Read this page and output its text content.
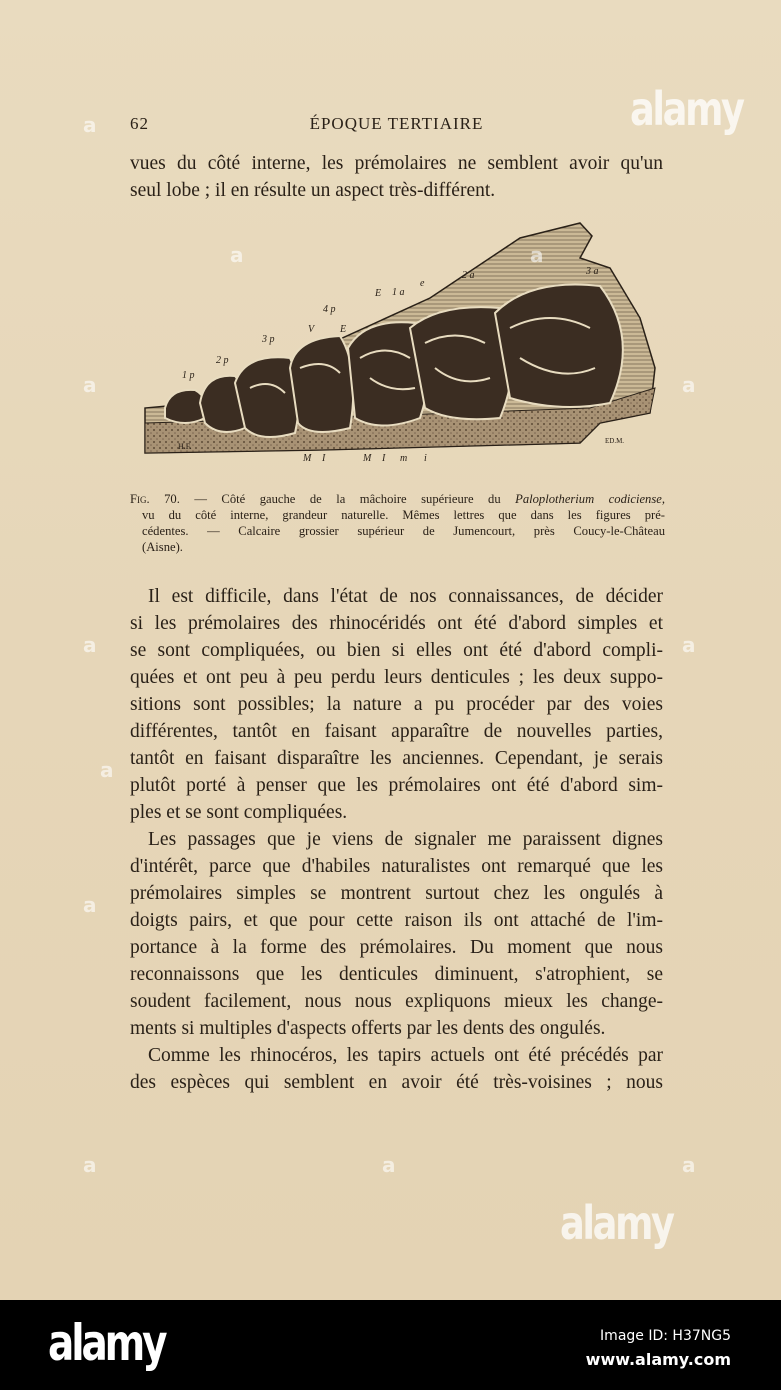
62	ÉPOQUE TERTIAIRE
vues du côté interne, les prémolaires ne semblent avoir qu'un
seul lobe ; il en résulte un aspect très-différent.
1 p
2 p
3 p
4 p
V
E
E
1 a
e
2 a	3 a
M I	M I m i
H.F.
ED.M.
Fig. 70. — Côté gauche de la mâchoire supérieure du Paloplotherium codiciense,
vu du côté interne, grandeur naturelle. Mêmes lettres que dans les figures pré-
cédentes. — Calcaire grossier supérieur de Jumencourt, près Coucy-le-Château
(Aisne).
Il est difficile, dans l'état de nos connaissances, de décider
si les prémolaires des rhinocéridés ont été d'abord simples et
se sont compliquées, ou bien si elles ont été d'abord compli-
quées et ont peu à peu perdu leurs denticules ; les deux suppo-
sitions sont possibles; la nature a pu procéder par des voies
différentes, tantôt en faisant apparaître de nouvelles parties,
tantôt en faisant disparaître les anciennes. Cependant, je serais
plutôt porté à penser que les prémolaires ont été d'abord sim-
ples et se sont compliquées.
Les passages que je viens de signaler me paraissent dignes
d'intérêt, parce que d'habiles naturalistes ont remarqué que les
prémolaires simples se montrent surtout chez les ongulés à
doigts pairs, et que pour cette raison ils ont attaché de l'im-
portance à la forme des prémolaires. Du moment que nous
reconnaissons que les denticules diminuent, s'atrophient, se
soudent facilement, nous nous expliquons mieux les change-
ments si multiples d'aspects offerts par les dents des ongulés.
Comme les rhinocéros, les tapirs actuels ont été précédés par
des espèces qui semblent en avoir été très-voisines ; nous
alamy
alamy
a	a
a
a	a
a
a
a
a
a	a	a
alamy	Image ID: H37NG5
www.alamy.com
